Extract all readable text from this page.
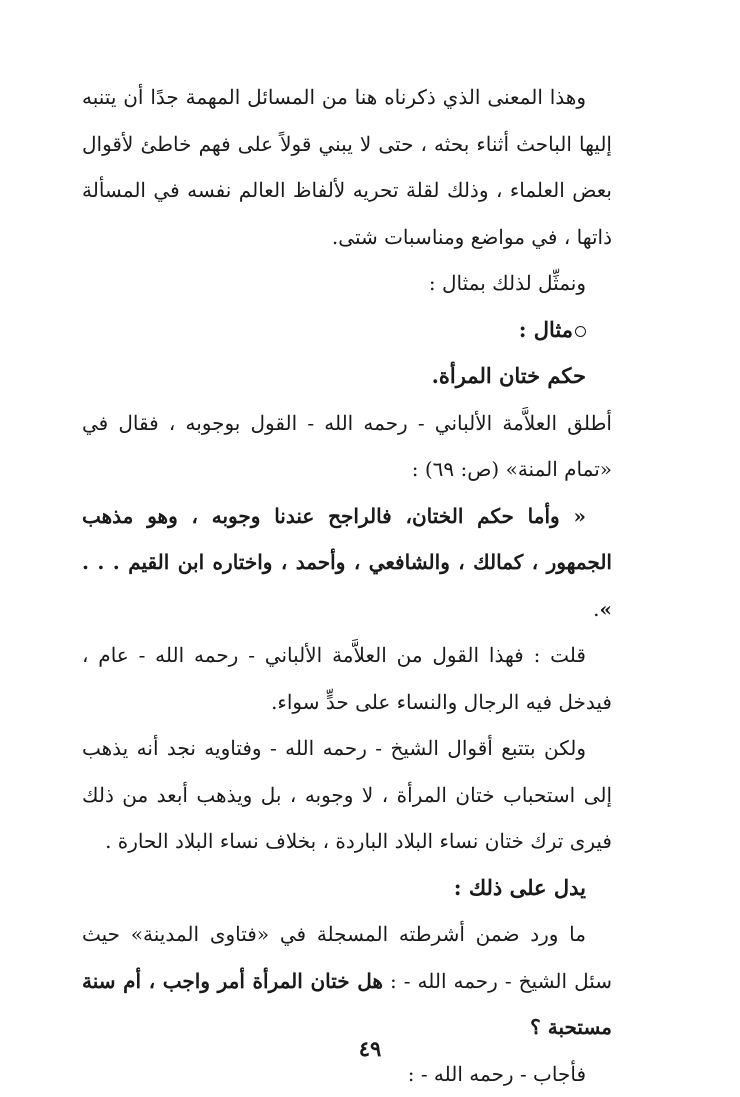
وهذا المعنى الذي ذكرناه هنا من المسائل المهمة جدًا أن يتنبه إليها الباحث أثناء بحثه ، حتى لا يبني قولاً على فهم خاطئ لأقوال بعض العلماء ، وذلك لقلة تحريه لألفاظ العالم نفسه في المسألة ذاتها ، في مواضع ومناسبات شتى.

ونمثِّل لذلك بمثال :

مثال :

حكم ختان المرأة.

أطلق العلاَّمة الألباني - رحمه الله - القول بوجوبه ، فقال في «تمام المنة» (ص: ٦٩) :

« وأما حكم الختان، فالراجح عندنا وجوبه ، وهو مذهب الجمهور ، كمالك ، والشافعي ، وأحمد ، واختاره ابن القيم . . . ».

قلت : فهذا القول من العلاَّمة الألباني - رحمه الله - عام ، فيدخل فيه الرجال والنساء على حدٍّ سواء.

ولكن بتتبع أقوال الشيخ - رحمه الله - وفتاويه نجد أنه يذهب إلى استحباب ختان المرأة ، لا وجوبه ، بل ويذهب أبعد من ذلك فيرى ترك ختان نساء البلاد الباردة ، بخلاف نساء البلاد الحارة .

يدل على ذلك :

ما ورد ضمن أشرطته المسجلة في «فتاوى المدينة» حيث سئل الشيخ - رحمه الله - : هل ختان المرأة أمر واجب ، أم سنة مستحبة ؟

فأجاب - رحمه الله - :

٤٩
